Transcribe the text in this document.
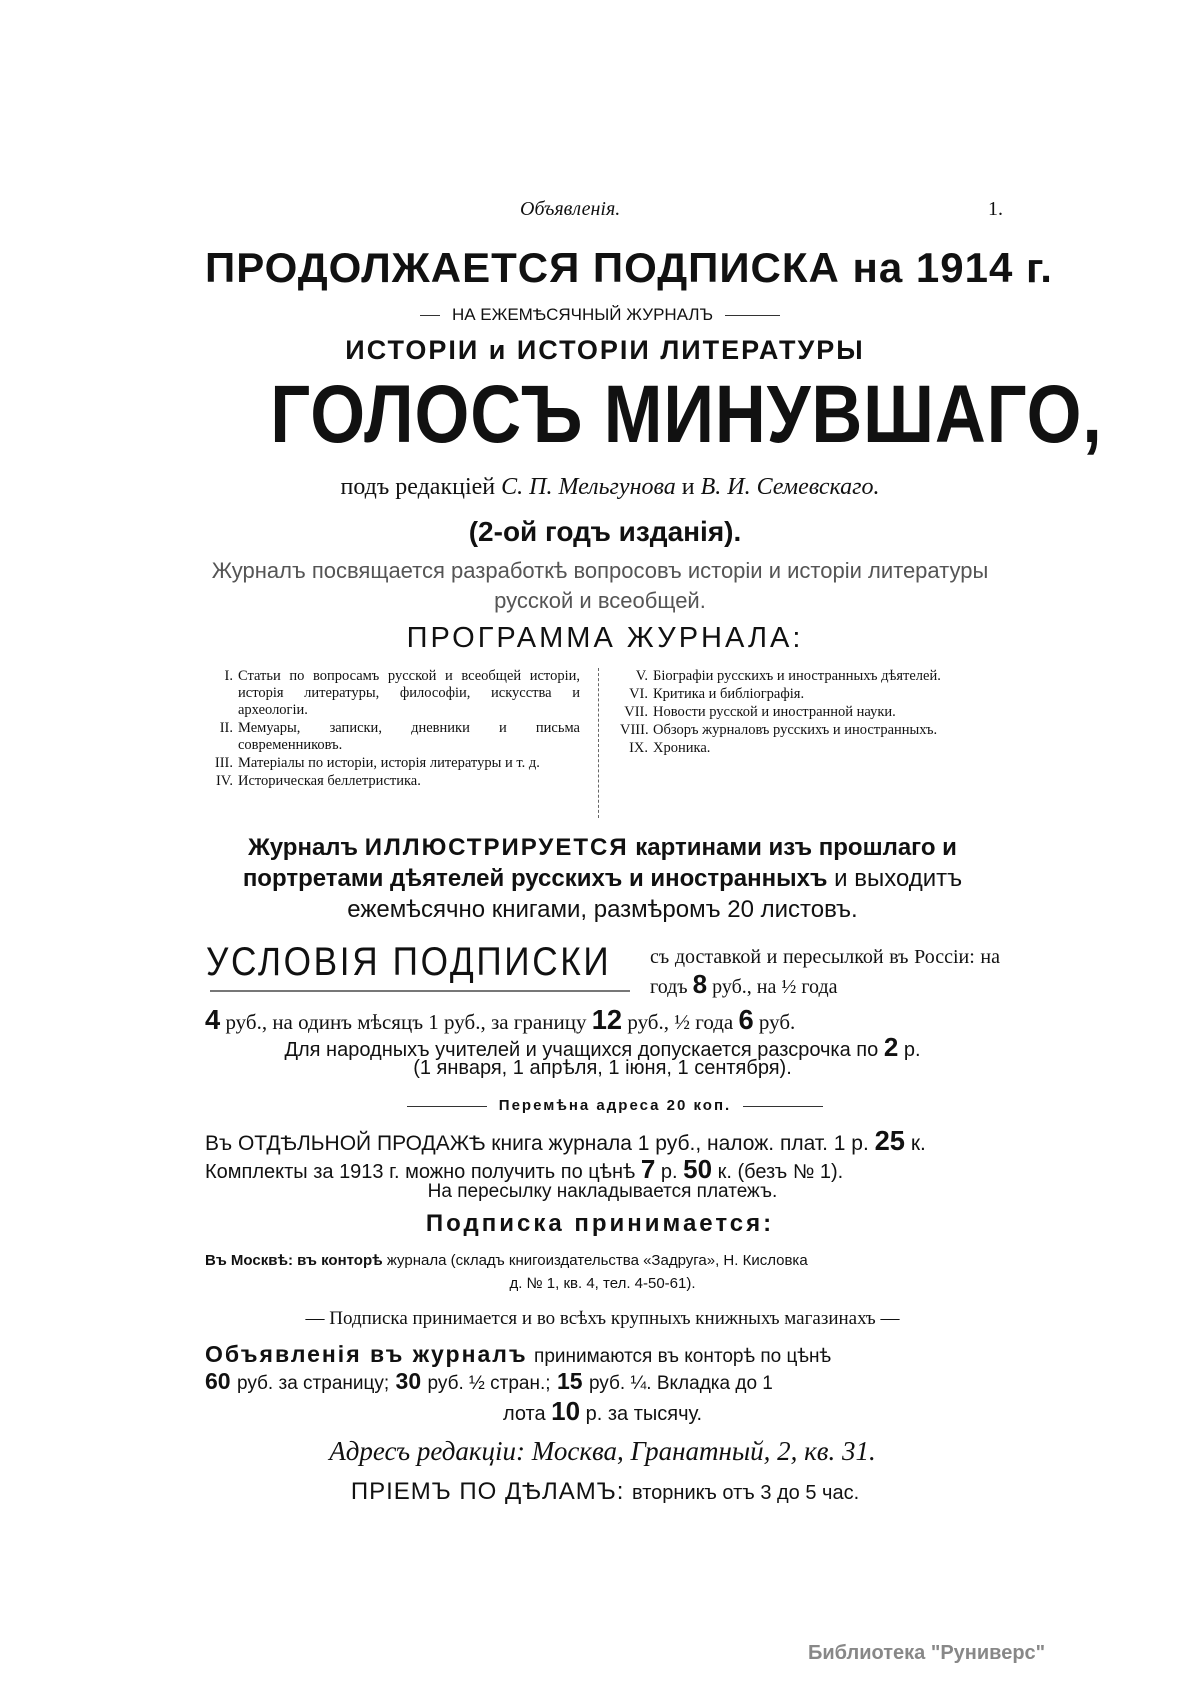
Объявленія.	1.
ПРОДОЛЖАЕТСЯ ПОДПИСКА на 1914 г.
НА ЕЖЕМѢСЯЧНЫЙ ЖУРНАЛЪ
ИСТОРІИ и ИСТОРІИ ЛИТЕРАТУРЫ
ГОЛОСЪ МИНУВШАГО,
подъ редакціей С. П. Мельгунова и В. И. Семевскаго.
(2-ой годъ изданія).
Журналъ посвящается разработкѣ вопросовъ исторіи и исторіи литературы русской и всеобщей.
ПРОГРАММА ЖУРНАЛА:
I. Статьи по вопросамъ русской и всеобщей исторіи, исторія литературы, философіи, искусства и археологіи.
II. Мемуары, записки, дневники и письма современниковъ.
III. Матеріалы по исторіи, исторія литературы и т. д.
IV. Историческая беллетристика.
V. Біографіи русскихъ и иностранныхъ дѣятелей.
VI. Критика и библіографія.
VII. Новости русской и иностранной науки.
VIII. Обзоръ журналовъ русскихъ и иностранныхъ.
IX. Хроника.
Журналъ ИЛЛЮСТРИРУЕТСЯ картинами изъ прошлаго и портретами дѣятелей русскихъ и иностранныхъ и выходитъ ежемѣсячно книгами, размѣромъ 20 листовъ.
УСЛОВІЯ ПОДПИСКИ съ доставкой и пересылкой въ Россіи: на годъ 8 руб., на ½ года
4 руб., на одинъ мѣсяцъ 1 руб., за границу 12 руб., ½ года 6 руб.
Для народныхъ учителей и учащихся допускается разсрочка по 2 р.
(1 января, 1 апрѣля, 1 іюня, 1 сентября).
Перемѣна адреса 20 коп.
Въ ОТДѢЛЬНОЙ ПРОДАЖѢ книга журнала 1 руб., налож. плат. 1 р. 25 к.
Комплекты за 1913 г. можно получить по цѣнѣ 7 р. 50 к. (безъ № 1).
На пересылку накладывается платежъ.
Подписка принимается:
Въ Москвѣ: въ конторѣ журнала (складъ книгоиздательства «Задруга», Н. Кисловка
д. № 1, кв. 4, тел. 4-50-61).
— Подписка принимается и во всѣхъ крупныхъ книжныхъ магазинахъ —
Объявленія въ журналъ принимаются въ конторѣ по цѣнѣ
60 руб. за страницу; 30 руб. ½ стран.; 15 руб. ¼. Вкладка до 1
лота 10 р. за тысячу.
Адресъ редакціи: Москва, Гранатный, 2, кв. 31.
ПРІЕМЪ ПО ДѢЛАМЪ: вторникъ отъ 3 до 5 час.
Библиотека "Руниверс"
